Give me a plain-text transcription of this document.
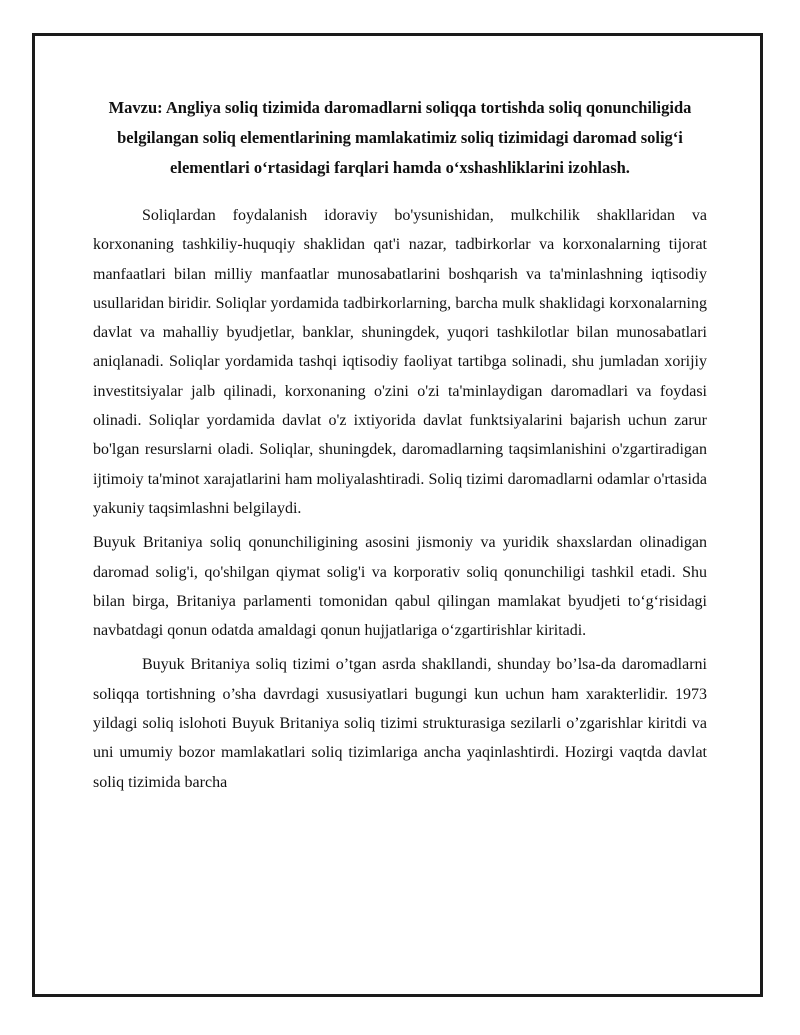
Mavzu: Angliya soliq tizimida daromadlarni soliqqa tortishda soliq qonunchiligida belgilangan soliq elementlarining mamlakatimiz soliq tizimidagi daromad solig‘i elementlari o‘rtasidagi farqlari hamda o‘xshashliklarini izohlash.

Soliqlardan foydalanish idoraviy bo'ysunishidan, mulkchilik shakllaridan va korxonaning tashkiliy-huquqiy shaklidan qat'i nazar, tadbirkorlar va korxonalarning tijorat manfaatlari bilan milliy manfaatlar munosabatlarini boshqarish va ta'minlashning iqtisodiy usullaridan biridir. Soliqlar yordamida tadbirkorlarning, barcha mulk shaklidagi korxonalarning davlat va mahalliy byudjetlar, banklar, shuningdek, yuqori tashkilotlar bilan munosabatlari aniqlanadi. Soliqlar yordamida tashqi iqtisodiy faoliyat tartibga solinadi, shu jumladan xorijiy investitsiyalar jalb qilinadi, korxonaning o'zini o'zi ta'minlaydigan daromadlari va foydasi olinadi. Soliqlar yordamida davlat o'z ixtiyorida davlat funktsiyalarini bajarish uchun zarur bo'lgan resurslarni oladi. Soliqlar, shuningdek, daromadlarning taqsimlanishini o'zgartiradigan ijtimoiy ta'minot xarajatlarini ham moliyalashtiradi. Soliq tizimi daromadlarni odamlar o'rtasida yakuniy taqsimlashni belgilaydi.

Buyuk Britaniya soliq qonunchiligining asosini jismoniy va yuridik shaxslardan olinadigan daromad solig'i, qo'shilgan qiymat solig'i va korporativ soliq qonunchiligi tashkil etadi. Shu bilan birga, Britaniya parlamenti tomonidan qabul qilingan mamlakat byudjeti to‘g‘risidagi navbatdagi qonun odatda amaldagi qonun hujjatlariga o‘zgartirishlar kiritadi.

Buyuk Britaniya soliq tizimi o’tgan asrda shakllandi, shunday bo’lsa-da daromadlarni soliqqa tortishning o’sha davrdagi xususiyatlari bugungi kun uchun ham xarakterlidir. 1973 yildagi soliq islohoti Buyuk Britaniya soliq tizimi strukturasiga sezilarli o’zgarishlar kiritdi va uni umumiy bozor mamlakatlari soliq tizimlariga ancha yaqinlashtirdi. Hozirgi vaqtda davlat soliq tizimida barcha
